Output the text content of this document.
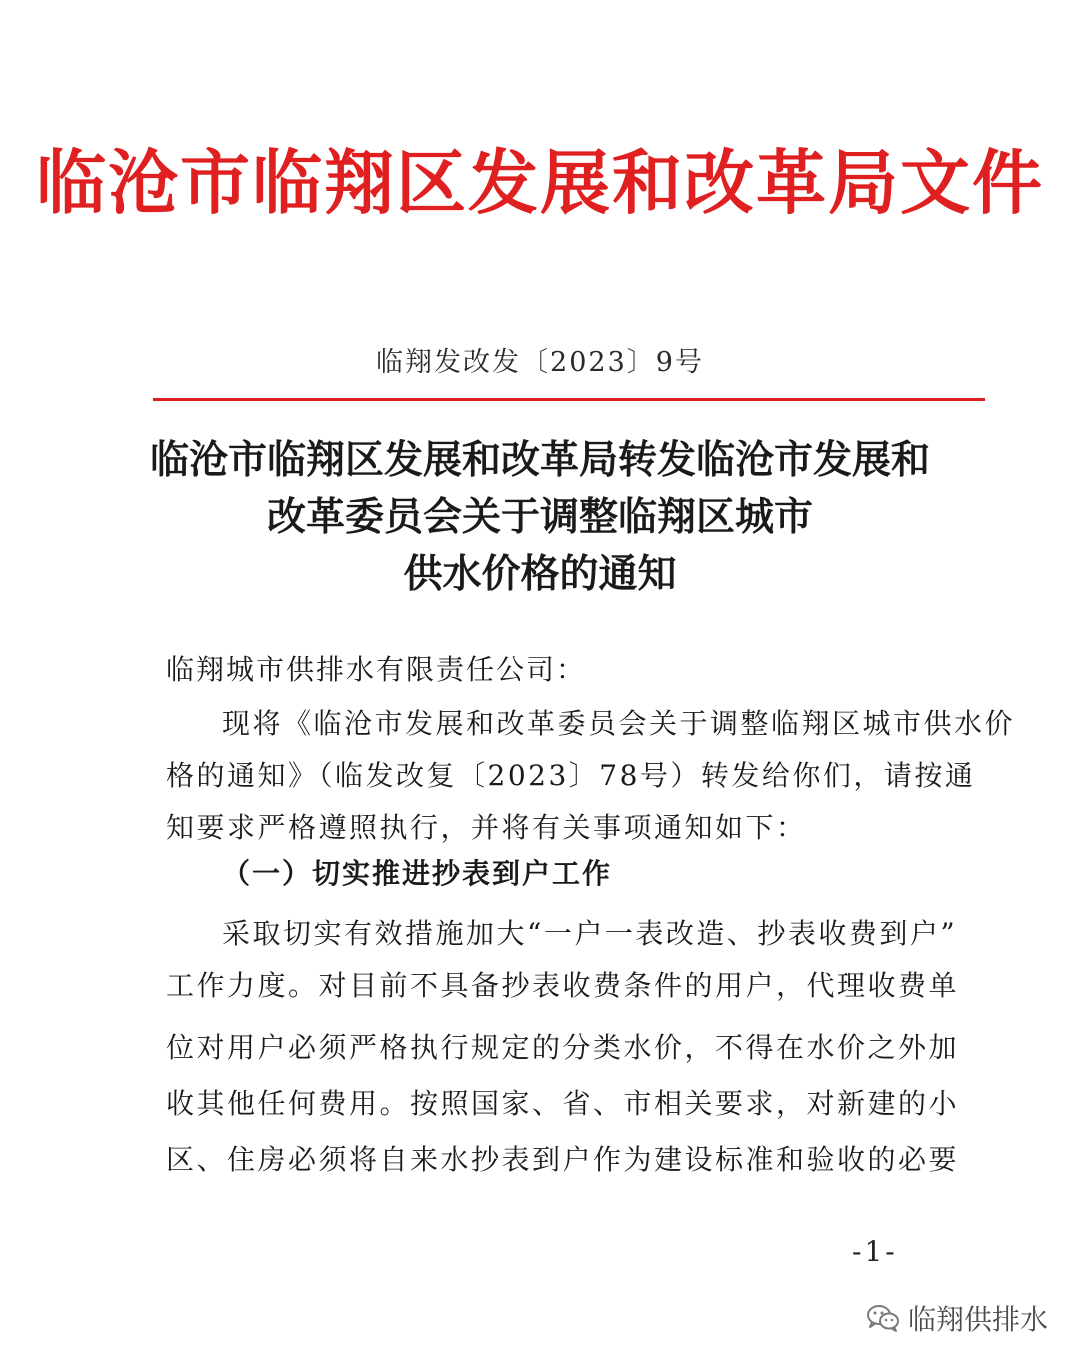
临沧市临翔区发展和改革局文件
临翔发改发〔2023〕9号
临沧市临翔区发展和改革局转发临沧市发展和
改革委员会关于调整临翔区城市
供水价格的通知
临翔城市供排水有限责任公司：
现将《临沧市发展和改革委员会关于调整临翔区城市供水价
格的通知》（临发改复〔2023〕78号）转发给你们，请按通
知要求严格遵照执行，并将有关事项通知如下：
（一）切实推进抄表到户工作
采取切实有效措施加大“一户一表改造、抄表收费到户”
工作力度。对目前不具备抄表收费条件的用户，代理收费单
位对用户必须严格执行规定的分类水价，不得在水价之外加
收其他任何费用。按照国家、省、市相关要求，对新建的小
区、住房必须将自来水抄表到户作为建设标准和验收的必要
-1-
临翔供排水
